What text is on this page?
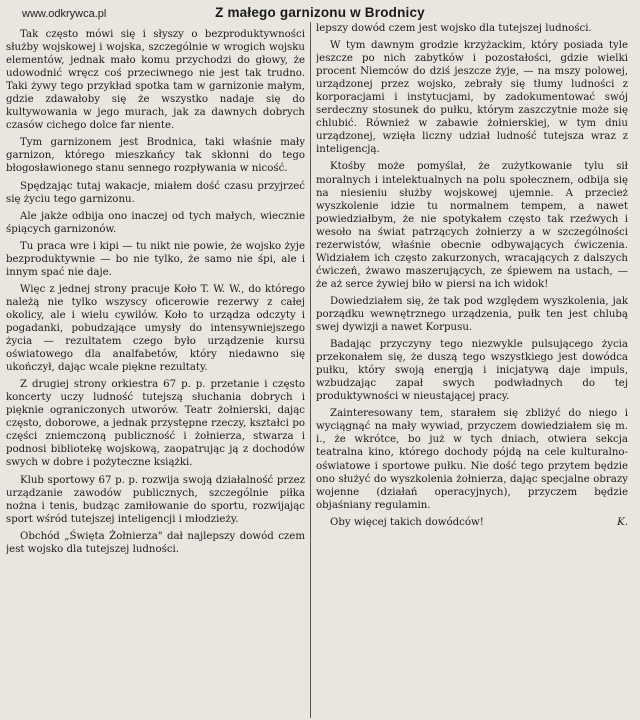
www.odkrywca.pl	Z małego garnizonu w Brodnicy

Tak często mówi się i słyszy o bezproduktywności służby wojskowej i wojska, szczególnie w wrogich wojsku elementów, jednak mało komu przychodzi do głowy, że udowodnić wręcz coś przeciwnego nie jest tak trudno. Taki żywy tego przykład spotka tam w garnizonie małym, gdzie zdawałoby się że wszystko nadaje się do kultywowania w jego murach, jak za dawnych dobrych czasów cichego dolce far niente.

Tym garnizonem jest Brodnica, taki właśnie mały garnizon, którego mieszkańcy tak skłonni do tego błogosławionego stanu sennego rozpływania w nicość.

Spędzając tutaj wakacje, miałem dość czasu przyjrzeć się życiu tego garnizonu.

Ale jakże odbija ono inaczej od tych małych, wiecznie śpiących garnizonów.

Tu praca wre i kipi — tu nikt nie powie, że wojsko żyje bezproduktywnie — bo nie tylko, że samo nie śpi, ale i innym spać nie daje.

Więc z jednej strony pracuje Koło T. W. W., do którego należą nie tylko wszyscy oficerowie rezerwy z całej okolicy, ale i wielu cywilów. Koło to urządza odczyty i pogadanki, pobudzające umysły do intensywniejszego życia — rezultatem czego było urządzenie kursu oświatowego dla analfabetów, który niedawno się ukończył, dając wcale piękne rezultaty.

Z drugiej strony orkiestra 67 p. p. przetanie i często koncerty uczy ludność tutejszą słuchania dobrych i pięknie ograniczonych utworów. Teatr żołnierski, dając często, doborowe, a jednak przystępne rzeczy, kształci po części zniemczoną publiczność i żołnierza, stwarza i podnosi bibliotekę wojskową, zaopatrując ją z dochodów swych w dobre i pożyteczne książki.

Klub sportowy 67 p. p. rozwija swoją działalność przez urządzanie zawodów publicznych, szczególnie piłka nożna i tenis, budząc zamiłowanie do sportu, rozwijając sport wśród tutejszej inteligencji i młodzieży.

Obchód „Święta Żołnierza" dał najlepszy dowód czem jest wojsko dla tutejszej ludności.

lepszy dowód czem jest wojsko dla tutejszej ludności.

W tym dawnym grodzie krzyżackim, który posiada tyle jeszcze po nich zabytków i pozostałości, gdzie wielki procent Niemców do dziś jeszcze żyje, — na mszy polowej, urządzonej przez wojsko, zebrały się tłumy ludności z korporacjami i instytucjami, by zadokumentować swój serdeczny stosunek do pułku, którym zaszczytnie może się chlubić. Również w zabawie żołnierskiej, w tym dniu urządzonej, wzięła liczny udział ludność tutejsza wraz z inteligencją.

Ktośby może pomyślał, że zużytkowanie tylu sił moralnych i intelektualnych na polu społecznem, odbija się na niesieniu służby wojskowej ujemnie. A przecież wyszkolenie idzie tu normalnem tempem, a nawet powiedziałbym, że nie spotykałem często tak rzeźwych i wesoło na świat patrzących żołnierzy a w szczególności rezerwistów, właśnie obecnie odbywających ćwiczenia. Widziałem ich często zakurzonych, wracających z dalszych ćwiczeń, żwawo maszerujących, ze śpiewem na ustach, — że aż serce żywiej biło w piersi na ich widok!

Dowiedziałem się, że tak pod względem wyszkolenia, jak porządku wewnętrznego urządzenia, pułk ten jest chlubą swej dywizji a nawet Korpusu.

Badając przyczyny tego niezwykle pulsującego życia przekonałem się, że duszą tego wszystkiego jest dowódca pułku, który swoją energją i inicjatywą daje impuls, wzbudzając zapał swych podwładnych do tej produktywności w nieustającej pracy.

Zainteresowany tem, starałem się zbliżyć do niego i wyciągnąć na mały wywiad, przyczem dowiedziałem się m. i., że wkrótce, bo już w tych dniach, otwiera sekcja teatralna kino, którego dochody pójdą na cele kulturalno-oświatowe i sportowe pułku. Nie dość tego przytem będzie ono służyć do wyszkolenia żołnierza, dając specjalne obrazy wojenne (działań operacyjnych), przyczem będzie objaśniany regulamin.

Oby więcej takich dowódców!	K.
